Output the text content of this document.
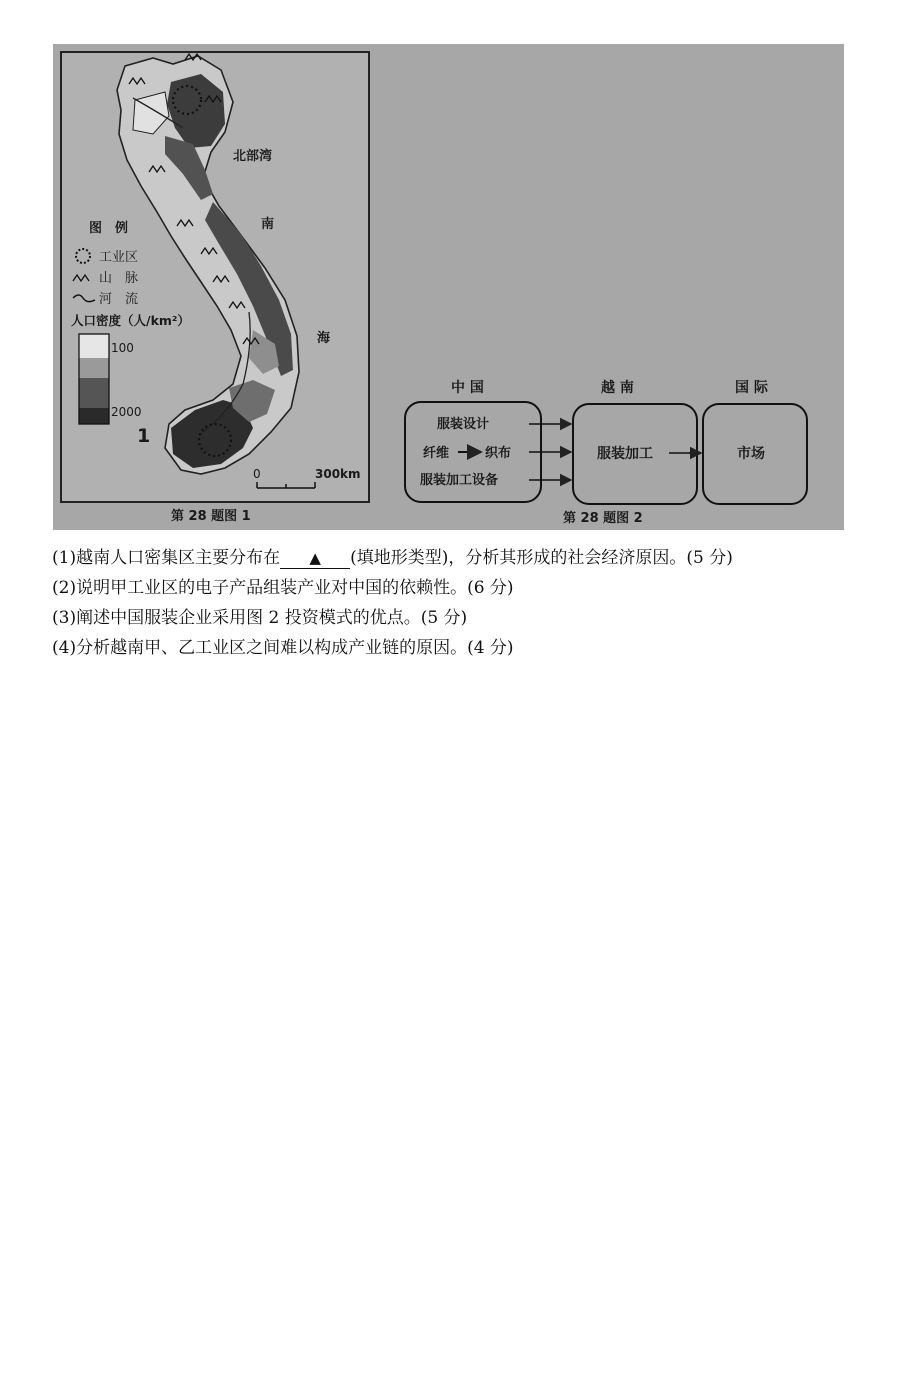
北部湾
南
海
1
图　例
工业区
山　脉
河　流
人口密度（人/km²）
100
2000
0	300km
第 28 题图 1
中 国	越 南	国 际
服装设计
纤维	织布
服装加工设备
服装加工	市场
第 28 题图 2
(1)越南人口密集区主要分布在 ▲ (填地形类型)，分析其形成的社会经济原因。(5 分)
(2)说明甲工业区的电子产品组装产业对中国的依赖性。(6 分)
(3)阐述中国服装企业采用图 2 投资模式的优点。(5 分)
(4)分析越南甲、乙工业区之间难以构成产业链的原因。(4 分)
